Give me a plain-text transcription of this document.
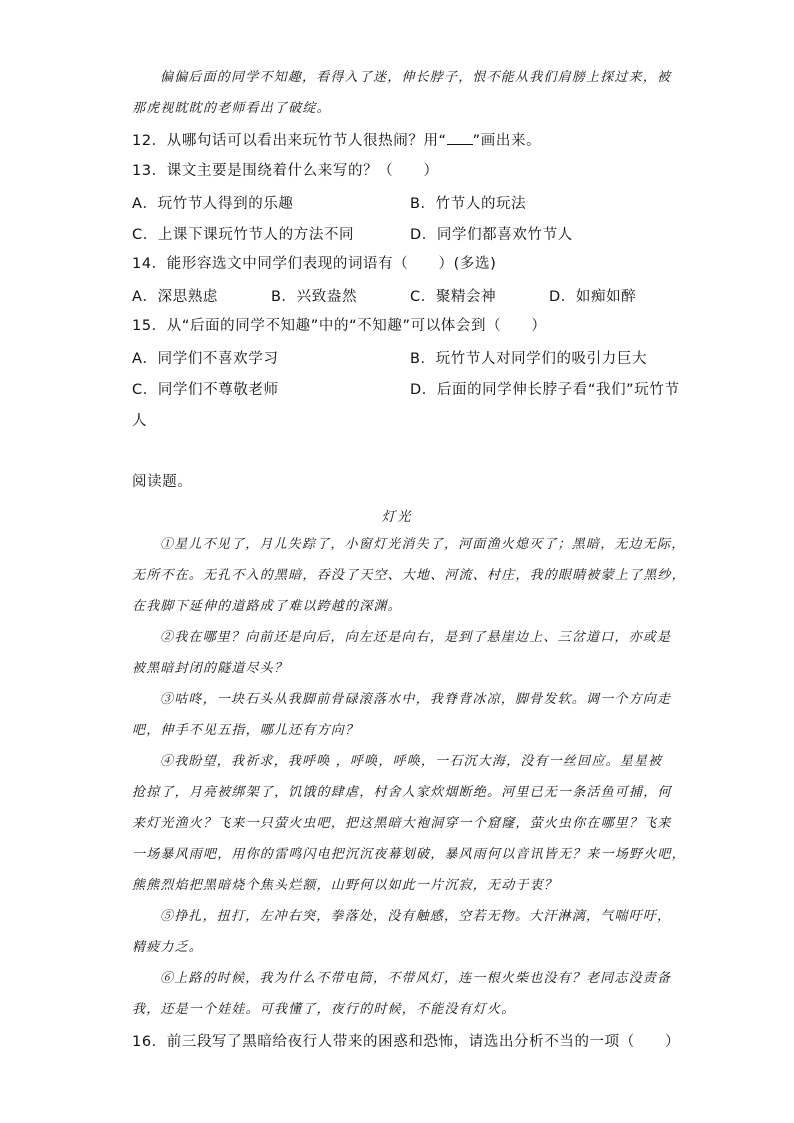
偏偏后面的同学不知趣，看得入了迷，伸长脖子，恨不能从我们肩膀上探过来，被
那虎视眈眈的老师看出了破绽。
12．从哪句话可以看出来玩竹节人很热闹？用“ ”画出来。
13．课文主要是围绕着什么来写的？（　　）
A．玩竹节人得到的乐趣	B．竹节人的玩法
C．上课下课玩竹节人的方法不同	D．同学们都喜欢竹节人
14．能形容选文中同学们表现的词语有（　　）(多选)
A．深思熟虑	B．兴致盎然	C．聚精会神	D．如痴如醉
15．从“后面的同学不知趣”中的“不知趣”可以体会到（　　）
A．同学们不喜欢学习	B．玩竹节人对同学们的吸引力巨大
C．同学们不尊敬老师	D．后面的同学伸长脖子看“我们”玩竹节
人
阅读题。
灯光
①星儿不见了，月儿失踪了，小窗灯光消失了，河面渔火熄灭了；黑暗，无边无际，
无所不在。无孔不入的黑暗，吞没了天空、大地、河流、村庄，我的眼睛被蒙上了黑纱，
在我脚下延伸的道路成了难以跨越的深渊。
②我在哪里？向前还是向后，向左还是向右，是到了悬崖边上、三岔道口，亦或是
被黑暗封闭的隧道尽头？
③咕咚，一块石头从我脚前骨碌滚落水中，我脊背冰凉，脚骨发软。调一个方向走
吧，伸手不见五指，哪儿还有方向？
④我盼望，我祈求，我呼唤 ，呼唤，呼唤，一石沉大海，没有一丝回应。星星被
抢掠了，月亮被绑架了，饥饿的肆虐，村舍人家炊烟断绝。河里已无一条活鱼可捕，何
来灯光渔火？飞来一只萤火虫吧，把这黑暗大袍洞穿一个窟窿，萤火虫你在哪里？飞来
一场暴风雨吧，用你的雷鸣闪电把沉沉夜幕划破，暴风雨何以音讯皆无？来一场野火吧，
熊熊烈焰把黑暗烧个焦头烂额，山野何以如此一片沉寂，无动于衷？
⑤挣扎，扭打，左冲右突，拳落处，没有触感，空若无物。大汗淋漓，气喘吁吁，
精疲力乏。
⑥上路的时候，我为什么不带电筒，不带风灯，连一根火柴也没有？老同志没责备
我，还是一个娃娃。可我懂了，夜行的时候，不能没有灯火。
16．前三段写了黑暗给夜行人带来的困惑和恐怖，请选出分析不当的一项（　　）
